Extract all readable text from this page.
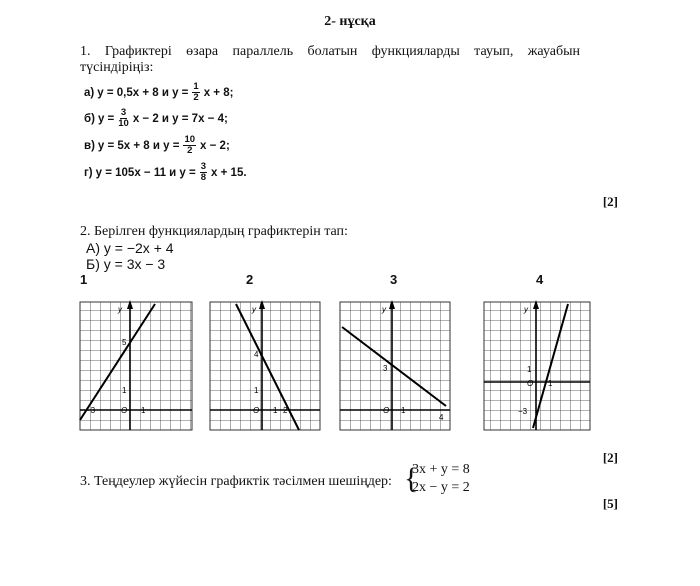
2- нұсқа
1. Графиктері өзара параллель болатын функцияларды тауып, жауабын түсіндіріңіз:
а) y = 0,5x + 8 и $y = \frac{1}{2}$ x + 8;
б) $y = \frac{3}{10}$ x − 2 и y = 7x − 4;
в) y = 5x + 8 и $y = \frac{10}{2}$ x − 2;
г) y = 105x − 11 и $y = \frac{3}{8}$ x + 15.
[2]
2. Берілген функциялардың графиктерін тап:
А) y = −2x + 4
Б) y = 3x − 3
1	2	3	4
y
5
1
−3	O 1
y
4
1
O 1 2
y
3
1
O
4
y
1
O 1
−3
[2]
3. Теңдеулер жүйесін графиктік тәсілмен шешіңдер: {
3x + y = 8
2x − y = 2
[5]
